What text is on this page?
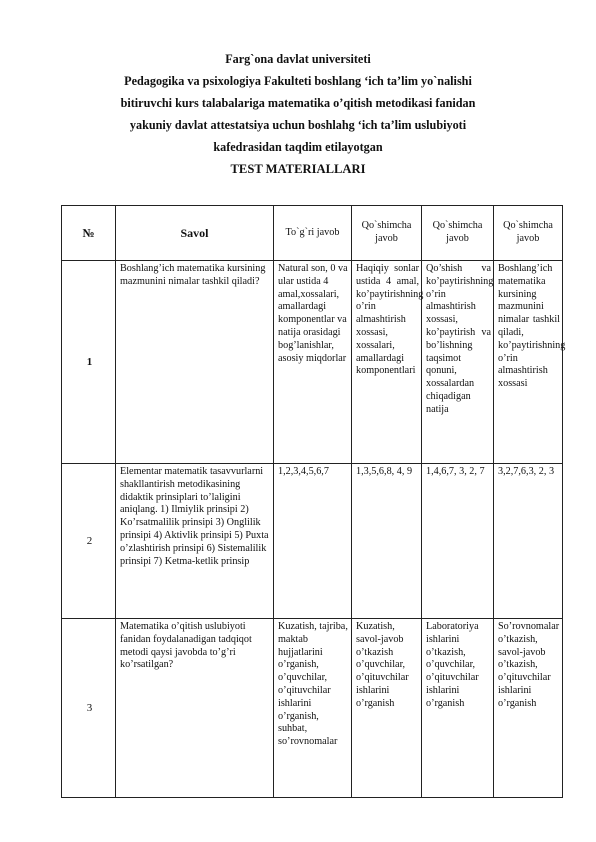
Farg`ona davlat universiteti
Pedagogika va psixologiya Fakulteti boshlang ‘ich ta’lim yo`nalishi
bitiruvchi kurs talabalariga matematika o’qitish metodikasi fanidan
yakuniy davlat attestatsiya uchun boshlahg ‘ich ta’lim uslubiyoti
kafedrasidan taqdim etilayotgan
TEST MATERIALLARI
№	Savol	To`g`ri javob	Qo`shimcha javob	Qo`shimcha javob	Qo`shimcha javob
1	Boshlang’ich matematika kursining mazmunini nimalar tashkil qiladi?	Natural son, 0 va ular ustida 4 amal,xossalari, amallardagi komponentlar va natija orasidagi bog’lanishlar, asosiy miqdorlar	Haqiqiy sonlar ustida 4 amal, ko’paytirishning o’rin almashtirish xossasi, xossalari, amallardagi komponentlari	Qo’shish va ko’paytirishning o’rin almashtirish xossasi, ko’paytirish va bo’lishning taqsimot qonuni, xossalardan chiqadigan natija	Boshlang’ich matematika kursining mazmunini nimalar tashkil qiladi, ko’paytirishning o’rin almashtirish xossasi
2	Elementar matematik tasavvurlarni shakllantirish metodikasining didaktik prinsiplari to’laligini aniqlang. 1) Ilmiylik prinsipi 2) Ko’rsatmalilik prinsipi 3) Onglilik prinsipi 4) Aktivlik prinsipi 5) Puxta o’zlashtirish prinsipi 6) Sistemalilik prinsipi 7) Ketma-ketlik prinsip	1,2,3,4,5,6,7	1,3,5,6,8, 4, 9	1,4,6,7, 3, 2, 7	3,2,7,6,3, 2, 3
3	Matematika o’qitish uslubiyoti fanidan foydalanadigan tadqiqot metodi qaysi javobda to’g’ri ko’rsatilgan?	Kuzatish, tajriba, maktab hujjatlarini o’rganish, o’quvchilar, o’qituvchilar ishlarini o’rganish, suhbat, so’rovnomalar	Kuzatish, savol-javob o’tkazish o’quvchilar, o’qituvchilar ishlarini o’rganish	Laboratoriya ishlarini o’tkazish, o’quvchilar, o’qituvchilar ishlarini o’rganish	So’rovnomalar o’tkazish, savol-javob o’tkazish, o’qituvchilar ishlarini o’rganish
